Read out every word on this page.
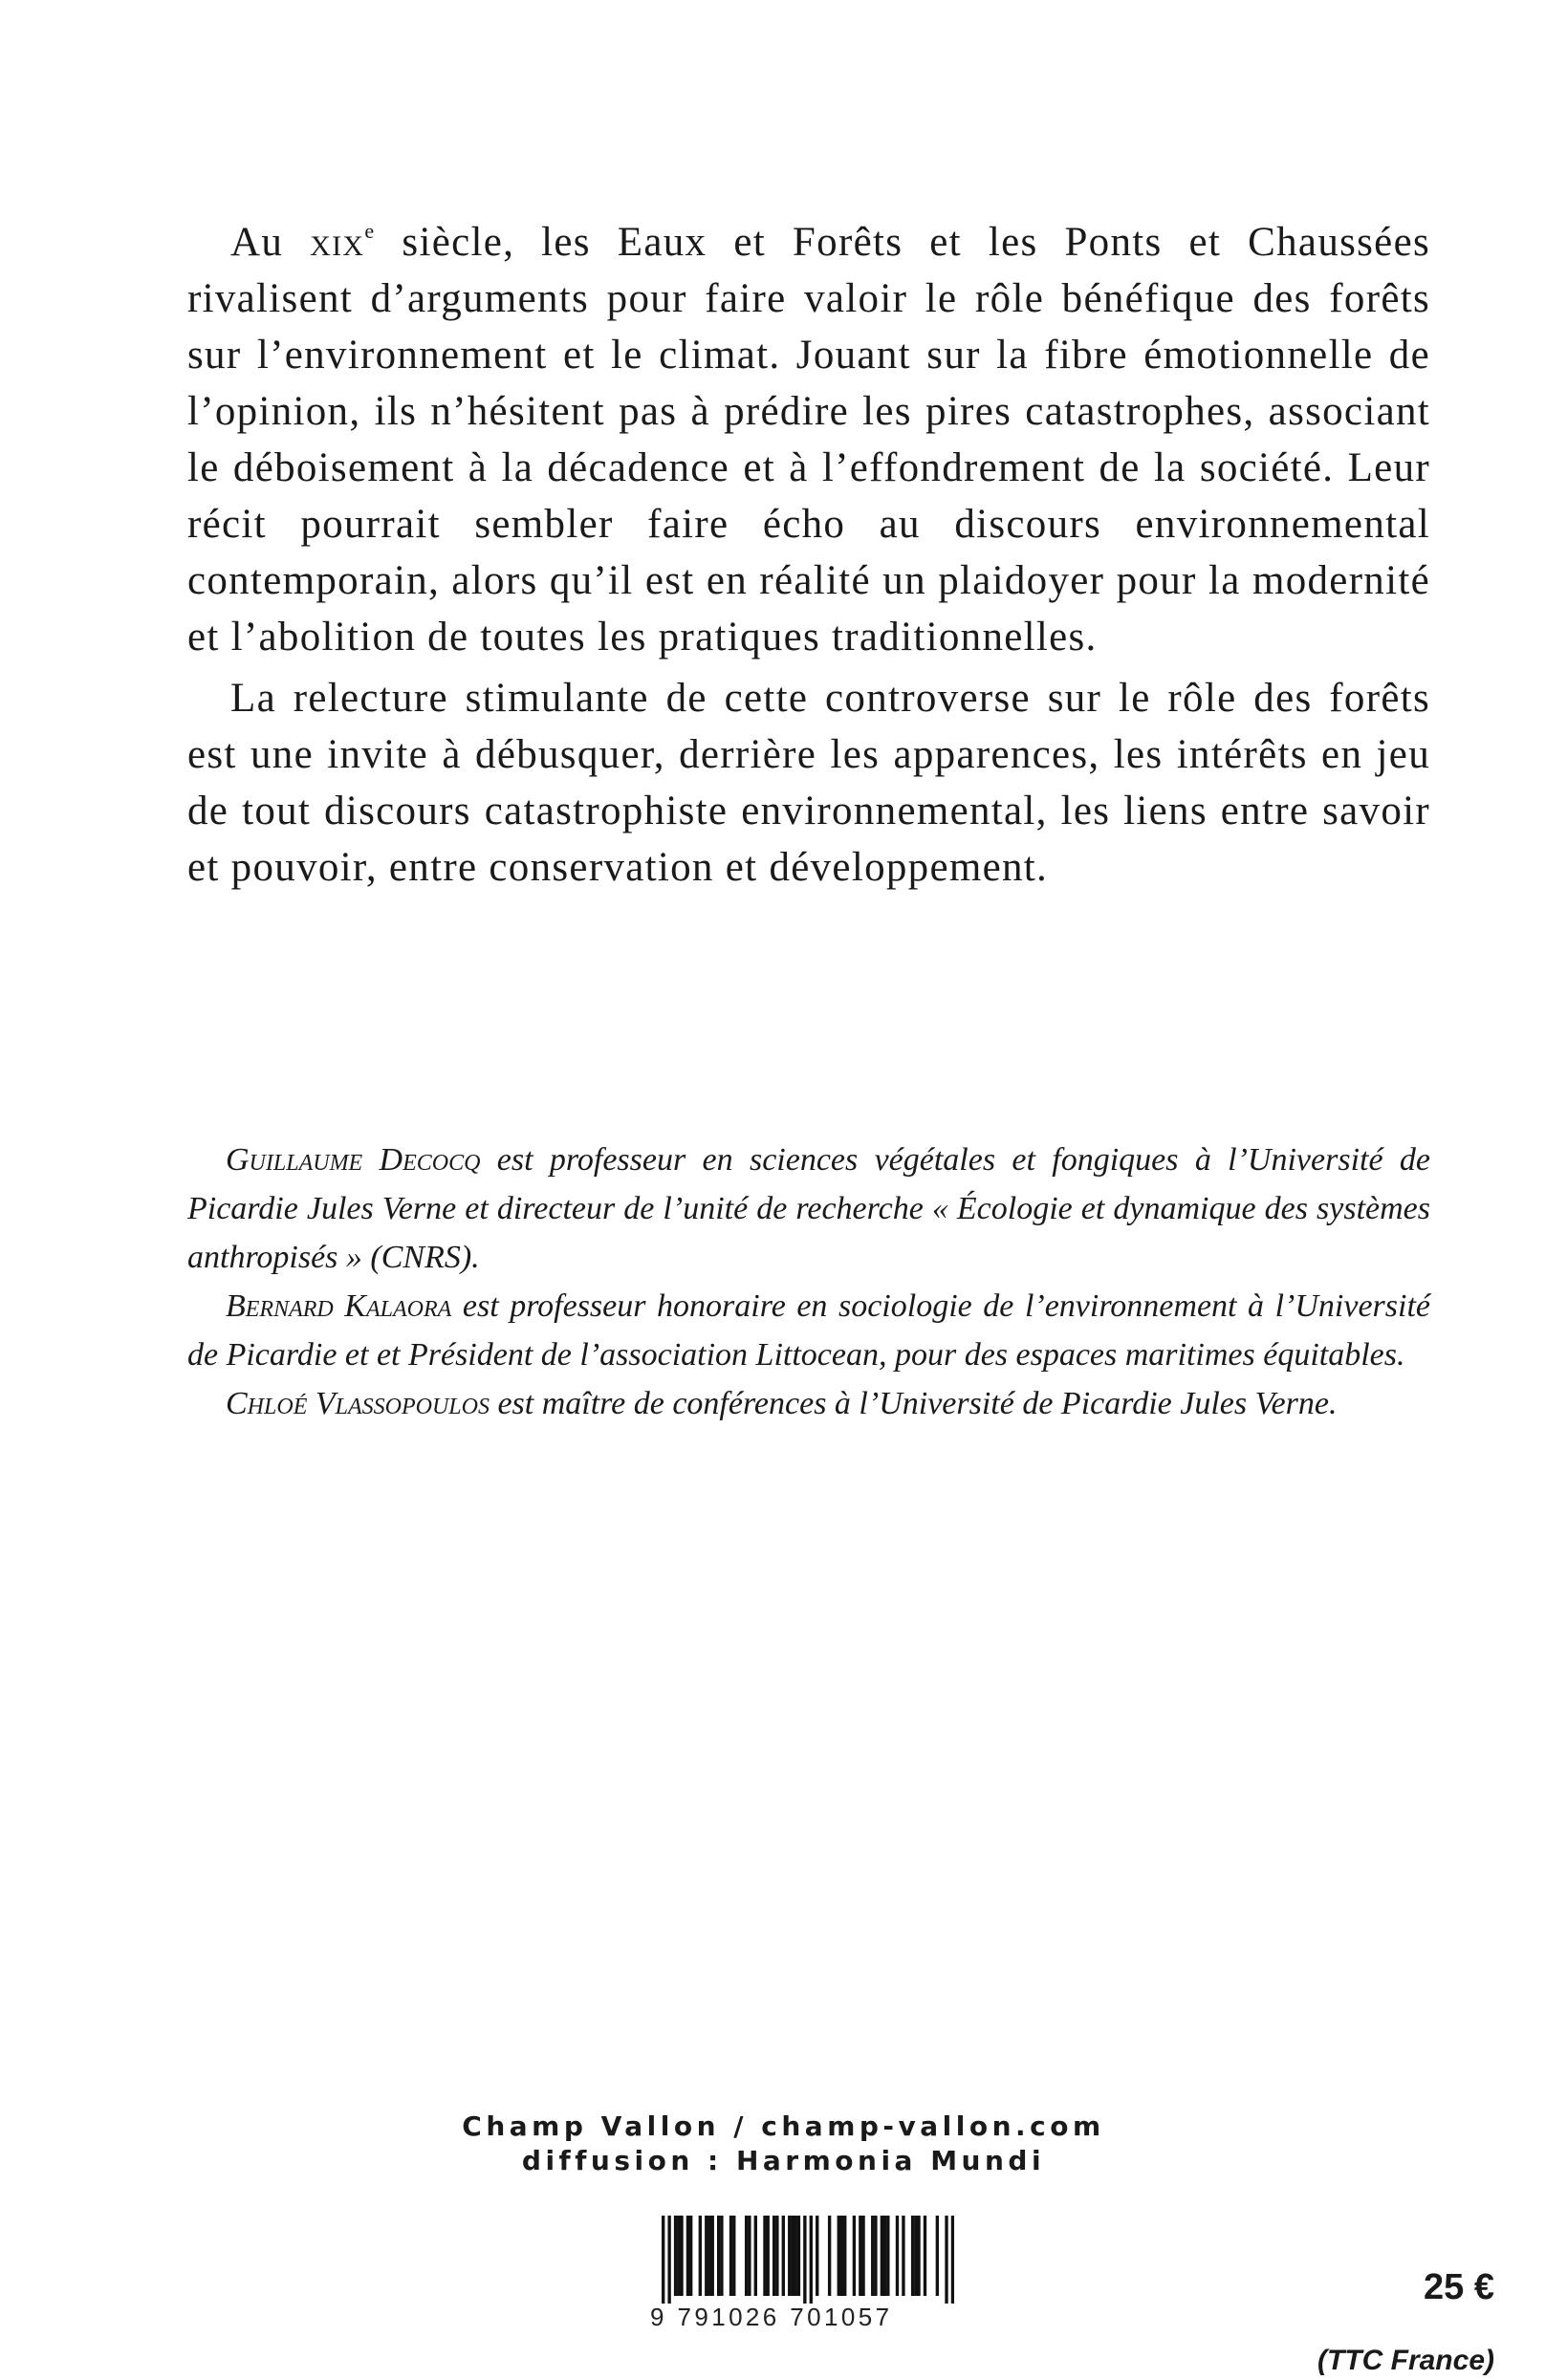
Au xix$^e$ siècle, les Eaux et Forêts et les Ponts et Chaussées rivalisent d’arguments pour faire valoir le rôle bénéfique des forêts sur l’environnement et le climat. Jouant sur la fibre émotionnelle de l’opinion, ils n’hésitent pas à prédire les pires catastrophes, associant le déboisement à la décadence et à l’effondrement de la société. Leur récit pourrait sembler faire écho au discours environnemental contemporain, alors qu’il est en réalité un plaidoyer pour la modernité et l’abolition de toutes les pratiques traditionnelles.

La relecture stimulante de cette controverse sur le rôle des forêts est une invite à débusquer, derrière les apparences, les intérêts en jeu de tout discours catastrophiste environnemental, les liens entre savoir et pouvoir, entre conservation et développement.

Guillaume Decocq est professeur en sciences végétales et fongiques à l’Université de Picardie Jules Verne et directeur de l’unité de recherche « Écologie et dynamique des systèmes anthropisés » (CNRS).

Bernard Kalaora est professeur honoraire en sociologie de l’environnement à l’Université de Picardie et et Président de l’association Littocean, pour des espaces maritimes équitables.

Chloé Vlassopoulos est maître de conférences à l’Université de Picardie Jules Verne.

Champ Vallon / champ-vallon.com
diffusion : Harmonia Mundi
9 791026 701057
25 €
(TTC France)
